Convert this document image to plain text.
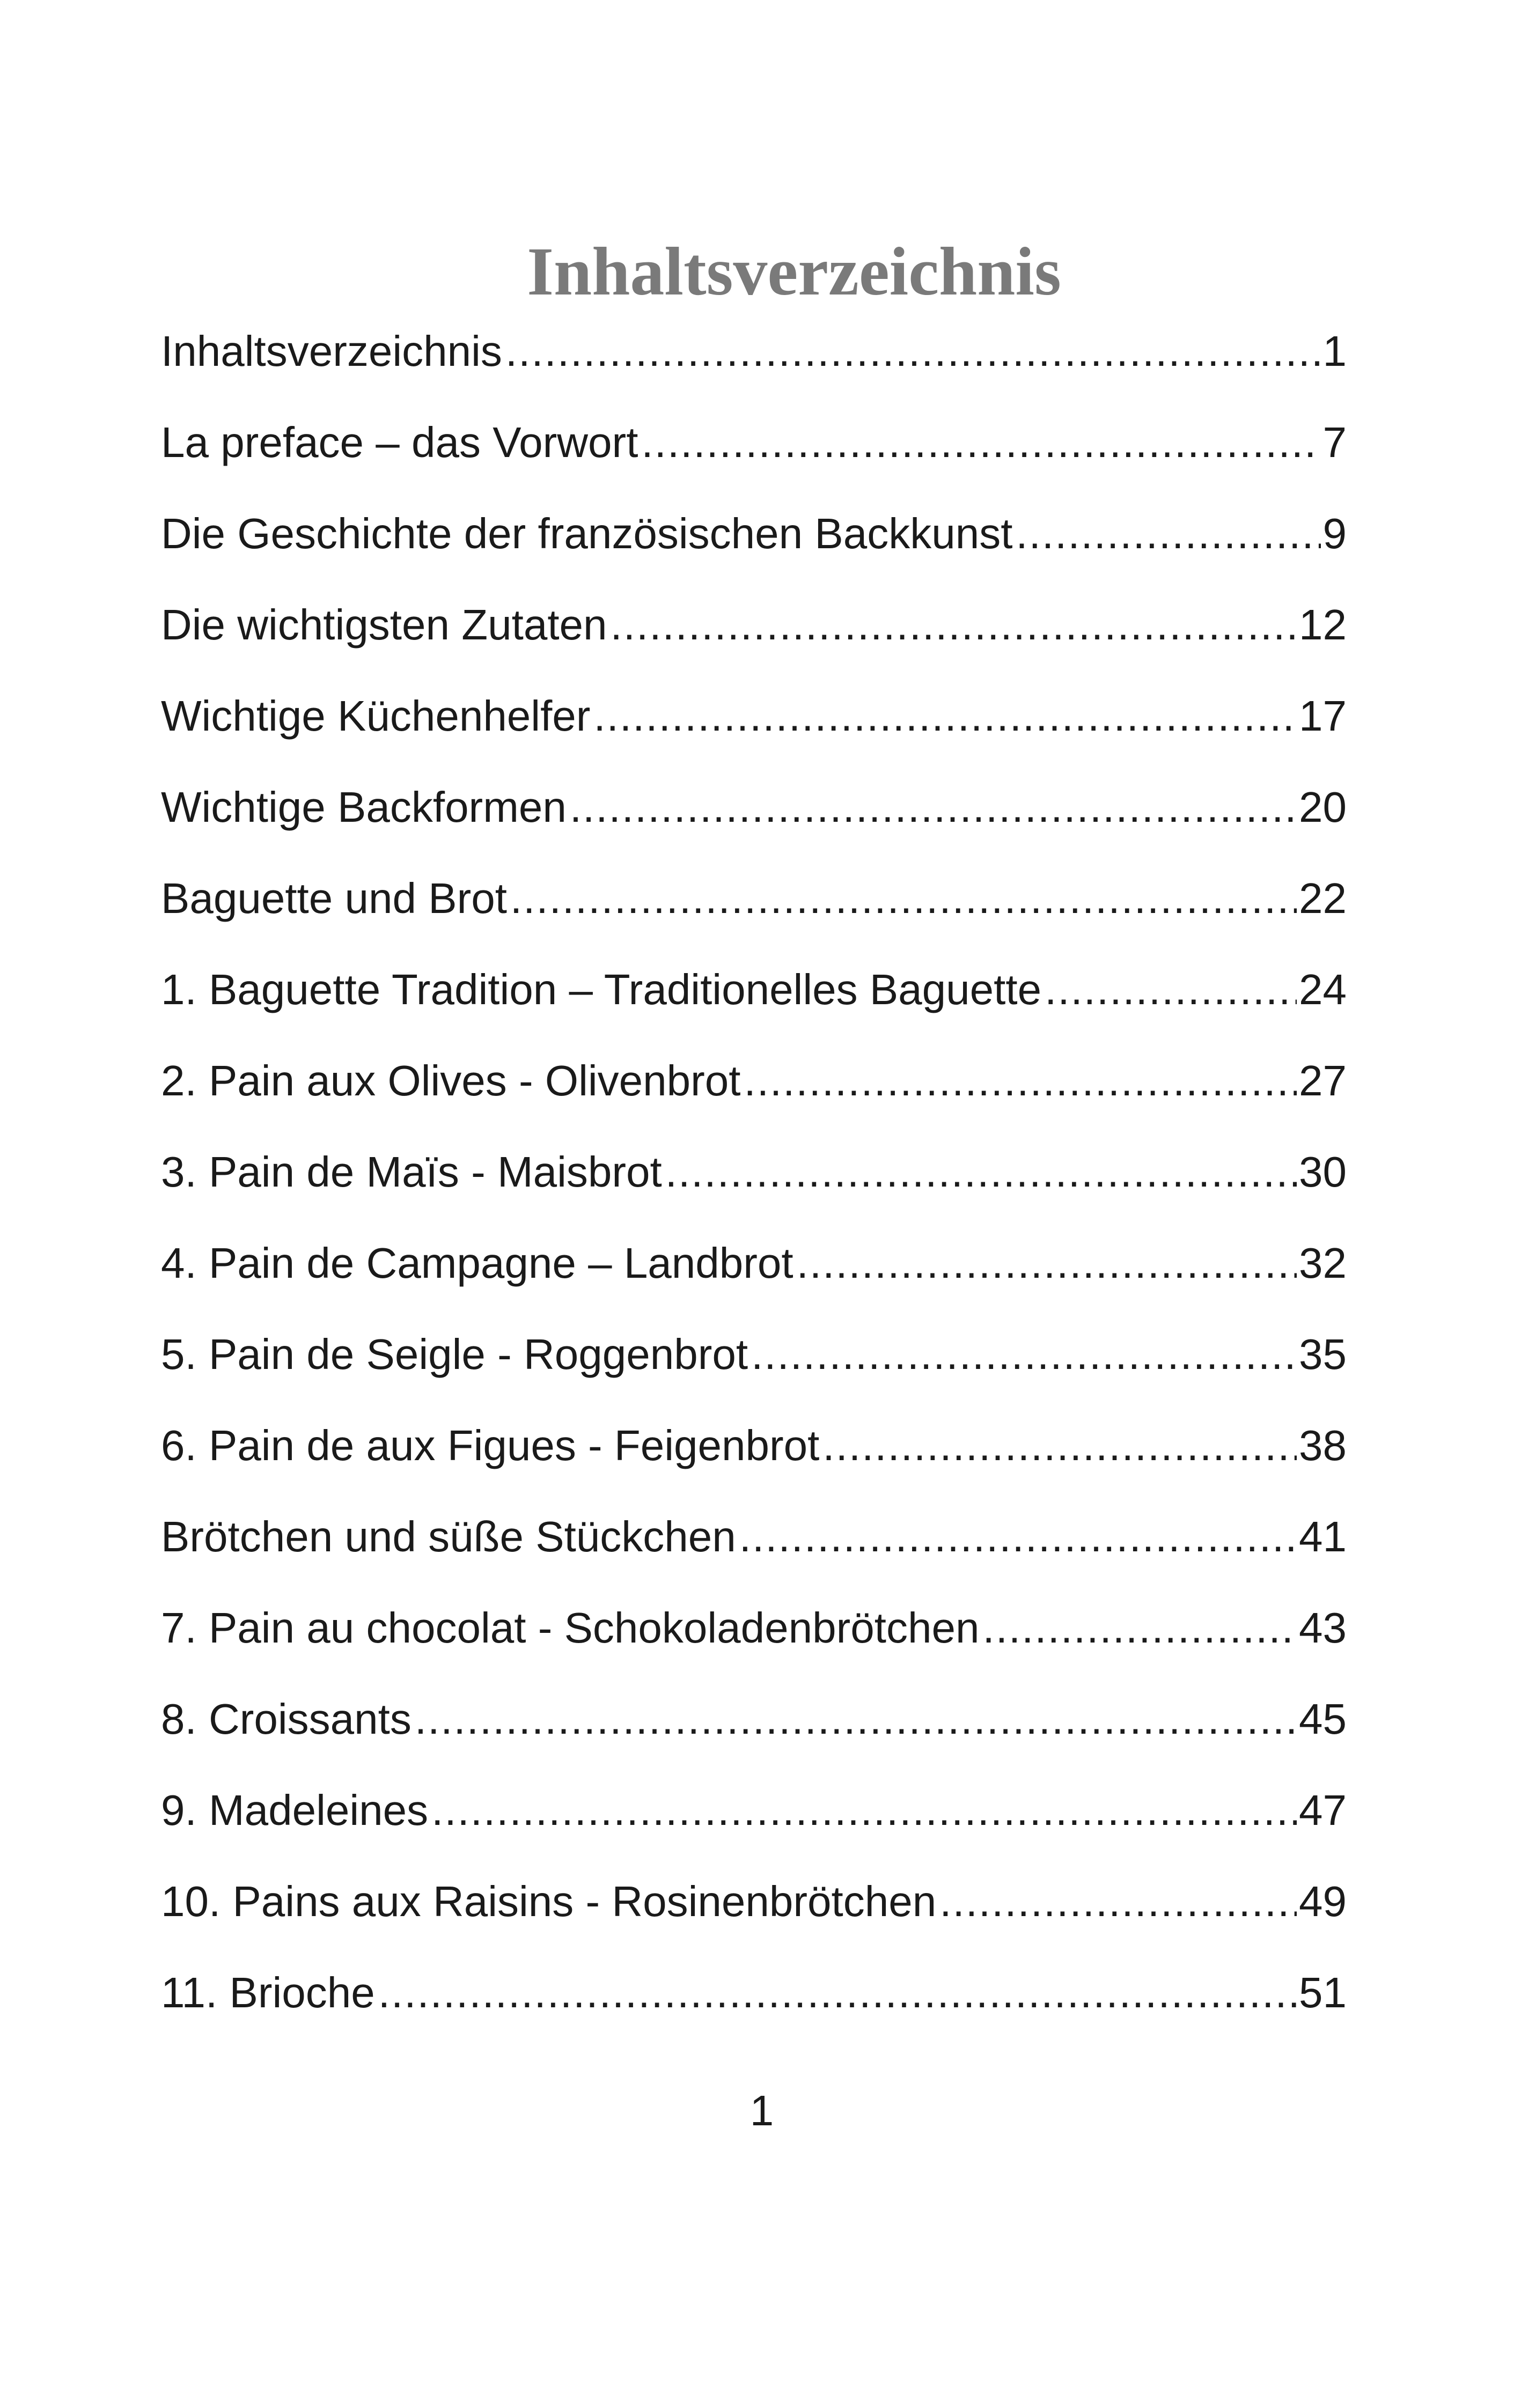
Inhaltsverzeichnis
Inhaltsverzeichnis .....	1
La preface – das Vorwort .....	7
Die Geschichte der französischen Backkunst .....	9
Die wichtigsten Zutaten .....	12
Wichtige Küchenhelfer .....	17
Wichtige Backformen .....	20
Baguette und Brot .....	22
1. Baguette Tradition – Traditionelles Baguette .....	24
2. Pain aux Olives - Olivenbrot .....	27
3. Pain de Maïs - Maisbrot .....	30
4. Pain de Campagne – Landbrot .....	32
5. Pain de Seigle - Roggenbrot .....	35
6. Pain de aux Figues - Feigenbrot .....	38
Brötchen und süße Stückchen .....	41
7. Pain au chocolat - Schokoladenbrötchen .....	43
8. Croissants .....	45
9. Madeleines .....	47
10. Pains aux Raisins - Rosinenbrötchen .....	49
11. Brioche .....	51
1
